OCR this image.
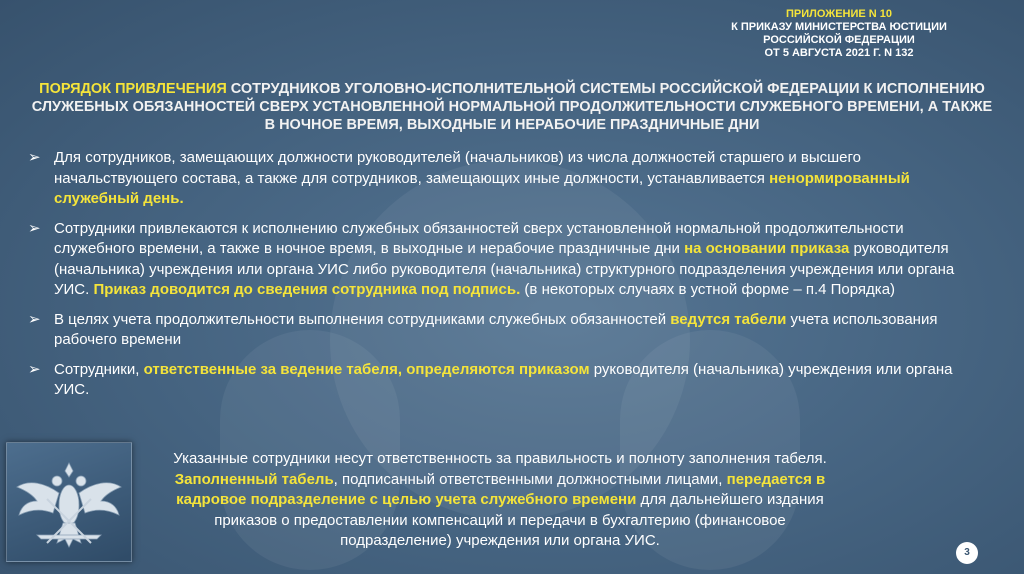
ПРИЛОЖЕНИЕ N 10
К ПРИКАЗУ МИНИСТЕРСТВА ЮСТИЦИИ
РОССИЙСКОЙ ФЕДЕРАЦИИ
ОТ 5 АВГУСТА 2021 Г. N 132
ПОРЯДОК ПРИВЛЕЧЕНИЯ СОТРУДНИКОВ УГОЛОВНО-ИСПОЛНИТЕЛЬНОЙ СИСТЕМЫ РОССИЙСКОЙ ФЕДЕРАЦИИ К ИСПОЛНЕНИЮ СЛУЖЕБНЫХ ОБЯЗАННОСТЕЙ СВЕРХ УСТАНОВЛЕННОЙ НОРМАЛЬНОЙ ПРОДОЛЖИТЕЛЬНОСТИ СЛУЖЕБНОГО ВРЕМЕНИ, А ТАКЖЕ В НОЧНОЕ ВРЕМЯ, ВЫХОДНЫЕ И НЕРАБОЧИЕ ПРАЗДНИЧНЫЕ ДНИ
➢ Для сотрудников, замещающих должности руководителей (начальников) из числа должностей старшего и высшего начальствующего состава, а также для сотрудников, замещающих иные должности, устанавливается ненормированный служебный день.
➢ Сотрудники привлекаются к исполнению служебных обязанностей сверх установленной нормальной продолжительности служебного времени, а также в ночное время, в выходные и нерабочие праздничные дни на основании приказа руководителя (начальника) учреждения или органа УИС либо руководителя (начальника) структурного подразделения учреждения или органа УИС. Приказ доводится до сведения сотрудника под подпись. (в некоторых случаях в устной форме – п.4 Порядка)
➢ В целях учета продолжительности выполнения сотрудниками служебных обязанностей ведутся табели учета использования рабочего времени
➢ Сотрудники, ответственные за ведение табеля, определяются приказом руководителя (начальника) учреждения или органа УИС.
Указанные сотрудники несут ответственность за правильность и полноту заполнения табеля. Заполненный табель, подписанный ответственными должностными лицами, передается в кадровое подразделение с целью учета служебного времени для дальнейшего издания приказов о предоставлении компенсаций и передачи в бухгалтерию (финансовое подразделение) учреждения или органа УИС.
3
